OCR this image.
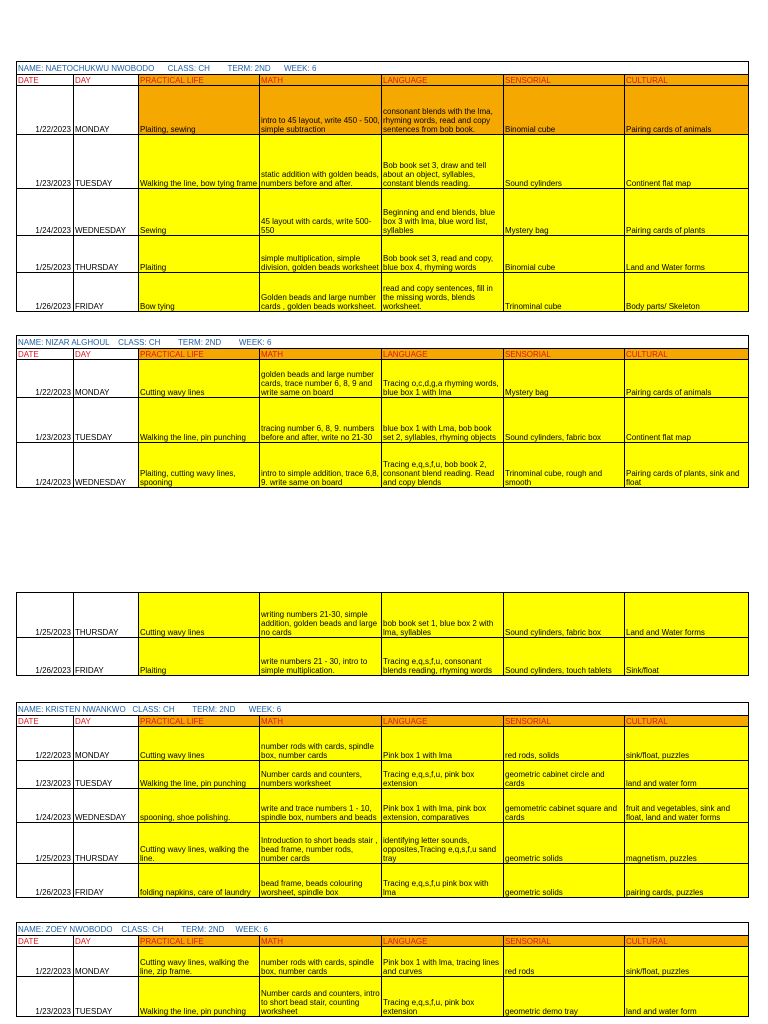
NAME: NAETOCHUKWU NWOBODO      CLASS: CH        TERM: 2ND      WEEK: 6						
DATE	DAY	PRACTICAL LIFE	MATH	LANGUAGE	SENSORIAL	CULTURAL

1/22/2023	MONDAY	Plaiting, sewing	intro to 45 layout, write 450 - 500, simple subtraction	consonant blends with the lma, rhyming words, read and copy sentences from bob book.	Binomial cube	Pairing cards of animals

1/23/2023	TUESDAY	Walking the line, bow tying frame	static addition with golden beads, numbers before and after.	Bob book set 3, draw and tell about an object, syllables, constant blends reading.	Sound cylinders	Continent flat map

1/24/2023	WEDNESDAY	Sewing	45 layout with cards, write 500- 550	Beginning and end blends, blue box 3 with lma, blue word list, syllables	Mystery bag	Pairing cards of plants

1/25/2023	THURSDAY	Plaiting	simple multiplication, simple division, golden beads worksheet	Bob book set 3, read and copy, blue box 4, rhyming words	Binomial cube	Land and Water forms

1/26/2023	FRIDAY	Bow tying	Golden beads and large number cards , golden beads worksheet.	read and copy sentences, fill in the missing words, blends worksheet.	Trinominal cube	Body parts/ Skeleton
NAME: NIZAR ALGHOUL    CLASS: CH        TERM: 2ND        WEEK: 6						
DATE	DAY	PRACTICAL LIFE	MATH	LANGUAGE	SENSORIAL	CULTURAL

1/22/2023	MONDAY	Cutting wavy lines	golden beads and large number cards, trace number 6, 8, 9 and write same on board	Tracing o,c,d,g,a rhyming words, blue box 1 with lma	Mystery bag	Pairing cards of animals

1/23/2023	TUESDAY	Walking the line, pin punching	tracing number 6, 8, 9. numbers before and after, write no 21-30	blue box 1 with Lma, bob book set 2, syllables, rhyming objects	Sound cylinders, fabric box	Continent flat map

1/24/2023	WEDNESDAY	Plaiting, cutting wavy lines, spooning	intro to simple addition, trace 6,8, 9. write same on board	Tracing e,q,s,f,u, bob book 2, consonant blend reading. Read and copy blends	Trinominal cube, rough and smooth	Pairing cards of plants, sink and float
1/25/2023	THURSDAY	Cutting wavy lines	writing numbers 21-30, simple addition, golden beads and large no cards	bob book set 1, blue box 2 with lma, syllables	Sound cylinders, fabric box	Land and Water forms

1/26/2023	FRIDAY	Plaiting	write numbers 21 - 30, intro to simple multiplication.	Tracing e,q,s,f,u, consonant blends reading, rhyming words	Sound cylinders, touch tablets	Sink/float
NAME: KRISTEN NWANKWO   CLASS: CH        TERM: 2ND      WEEK: 6						
DATE	DAY	PRACTICAL LIFE	MATH	LANGUAGE	SENSORIAL	CULTURAL

1/22/2023	MONDAY	Cutting wavy lines	number rods with cards, spindle box, number cards	Pink box 1 with lma	red rods, solids	sink/float, puzzles

1/23/2023	TUESDAY	Walking the line, pin punching	Number cards and counters, numbers worksheet	Tracing e,q,s,f,u, pink box extension	geometric cabinet circle and cards	land and water form

1/24/2023	WEDNESDAY	spooning, shoe polishing.	write and trace numbers 1 - 10, spindle box, numbers and beads	Pink box 1 with lma, pink box extension, comparatives	gemometric cabinet square and cards	fruit and vegetables, sink and float, land and water forms

1/25/2023	THURSDAY	Cutting wavy lines, walking the line.	Introduction to short beads stair , bead frame, number rods, number cards	identifying letter sounds, opposites,Tracing e,q,s,f,u sand tray	geometric solids	magnetism, puzzles

1/26/2023	FRIDAY	folding napkins, care of laundry	bead frame, beads colouring worsheet, spindle box	Tracing e,q,s,f,u pink box with lma	geometric solids	pairing cards, puzzles
NAME: ZOEY NWOBODO    CLASS: CH        TERM: 2ND     WEEK: 6						
DATE	DAY	PRACTICAL LIFE	MATH	LANGUAGE	SENSORIAL	CULTURAL

1/22/2023	MONDAY	Cutting wavy lines, walking the line, zip frame.	number rods with cards, spindle box, number cards	Pink box 1 with lma, tracing lines and curves	red rods	sink/float, puzzles

1/23/2023	TUESDAY	Walking the line, pin punching	Number cards and counters, intro to short bead stair, counting worksheet	Tracing e,q,s,f,u, pink box extension	geometric demo tray	land and water form
